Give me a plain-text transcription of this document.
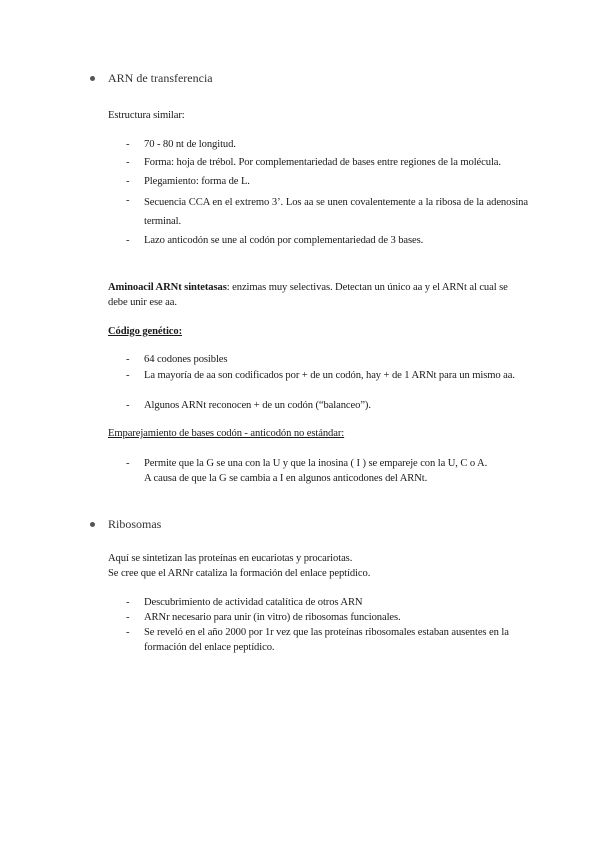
ARN de transferencia
Estructura similar:
- 70 - 80 nt de longitud.
- Forma: hoja de trébol. Por complementariedad de bases entre regiones de la molécula.
- Plegamiento: forma de L.
- Secuencia CCA en el extremo 3’. Los aa se unen covalentemente a la ribosa de la adenosina terminal.
- Lazo anticodón se une al codón por complementariedad de 3 bases.
Aminoacil ARNt sintetasas: enzimas muy selectivas. Detectan un único aa y el ARNt al cual se debe unir ese aa.
Código genético:
- 64 codones posibles
- La mayoría de aa son codificados por + de un codón, hay + de 1 ARNt para un mismo aa.
- Algunos ARNt reconocen + de un codón (“balanceo”).
Emparejamiento de bases codón - anticodón no estándar:
- Permite que la G se una con la U y que la inosina ( I ) se empareje con la U, C o A.
A causa de que la G se cambia a I en algunos anticodones del ARNt.
Ribosomas
Aquí se sintetizan las proteínas en eucariotas y procariotas.
Se cree que el ARNr cataliza la formación del enlace peptídico.
- Descubrimiento de actividad catalítica de otros ARN
- ARNr necesario para unir (in vitro) de ribosomas funcionales.
- Se reveló en el año 2000 por 1r vez que las proteínas ribosomales estaban ausentes en la formación del enlace peptídico.
